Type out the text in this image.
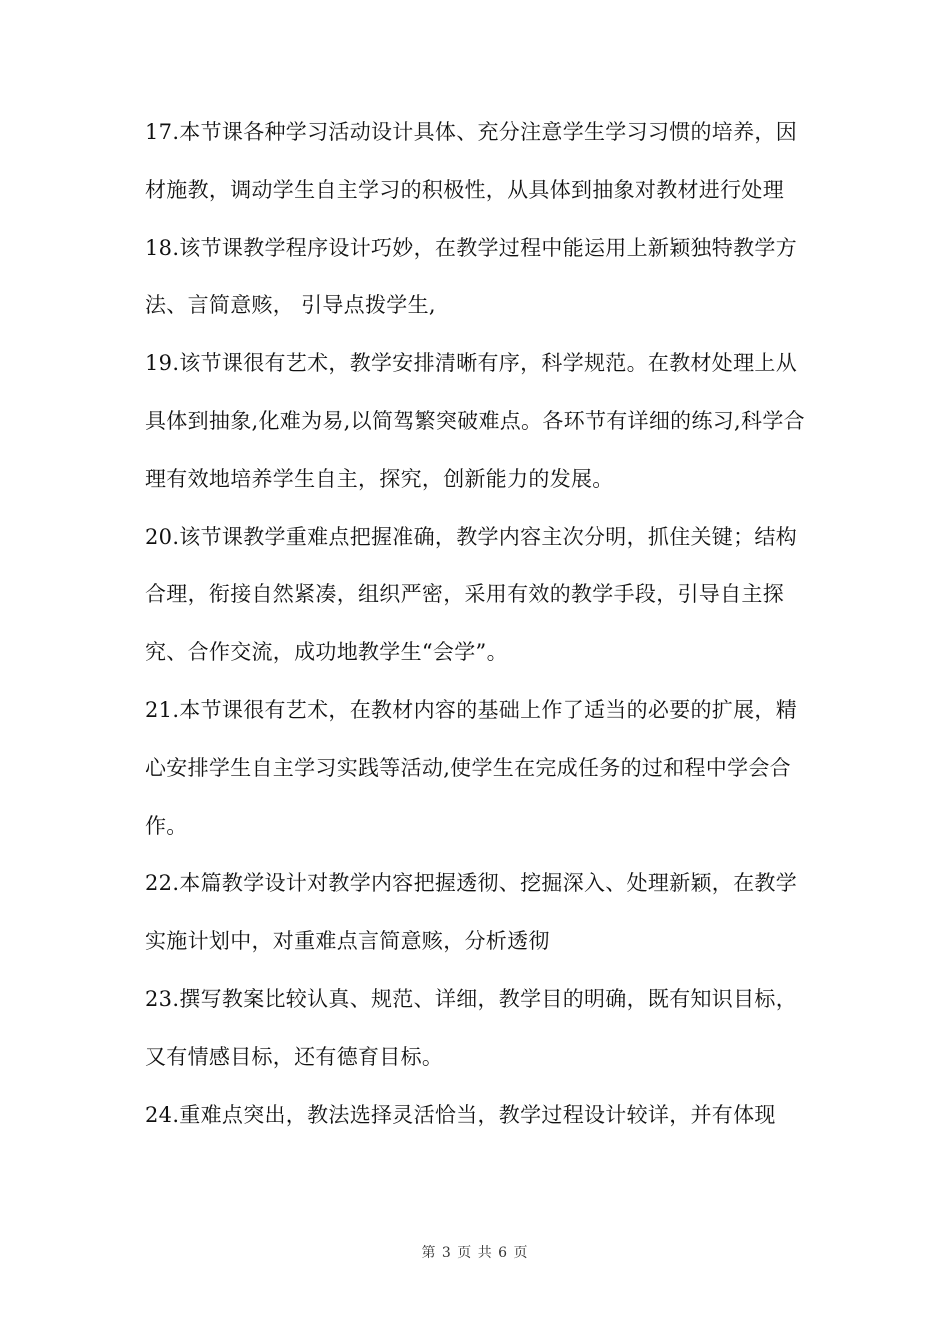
17.本节课各种学习活动设计具体、充分注意学生学习习惯的培养，因材施教，调动学生自主学习的积极性，从具体到抽象对教材进行处理

18.该节课教学程序设计巧妙，在教学过程中能运用上新颖独特教学方法、言简意赅， 引导点拨学生,

19.该节课很有艺术，教学安排清晰有序，科学规范。在教材处理上从具体到抽象,化难为易,以简驾繁突破难点。各环节有详细的练习,科学合理有效地培养学生自主，探究，创新能力的发展。

20.该节课教学重难点把握准确，教学内容主次分明，抓住关键；结构合理，衔接自然紧凑，组织严密，采用有效的教学手段，引导自主探究、合作交流，成功地教学生“会学”。

21.本节课很有艺术，在教材内容的基础上作了适当的必要的扩展，精心安排学生自主学习实践等活动,使学生在完成任务的过和程中学会合作。

22.本篇教学设计对教学内容把握透彻、挖掘深入、处理新颖，在教学实施计划中，对重难点言简意赅，分析透彻

23.撰写教案比较认真、规范、详细，教学目的明确，既有知识目标，又有情感目标，还有德育目标。

24.重难点突出，教法选择灵活恰当，教学过程设计较详，并有体现

第 3 页 共 6 页
